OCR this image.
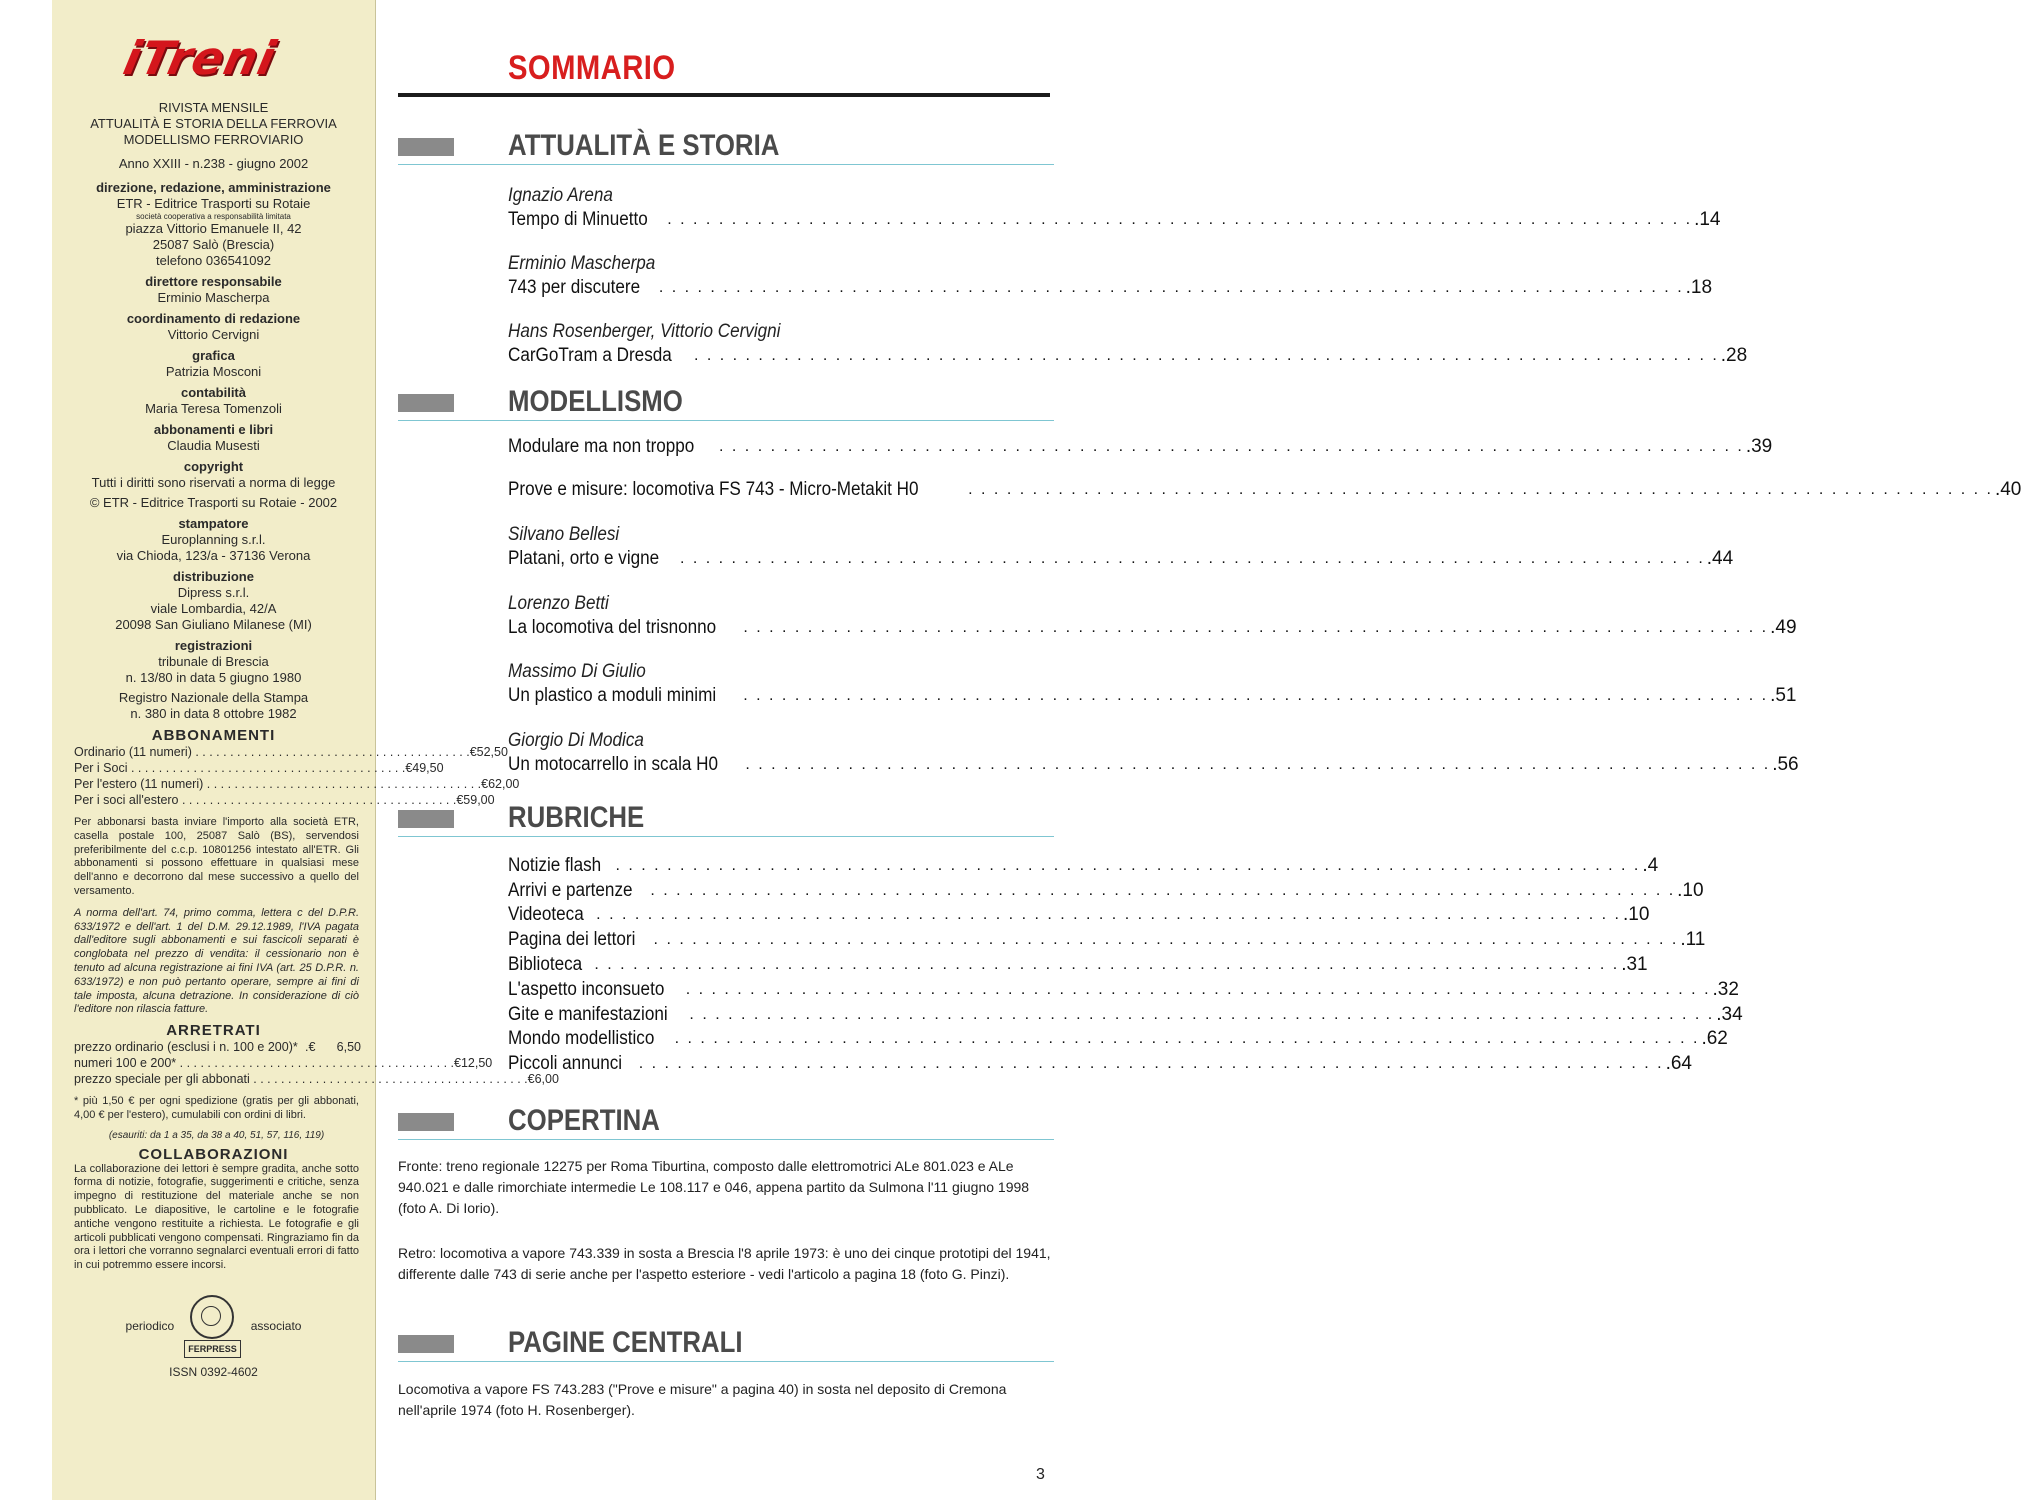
iTreni
RIVISTA MENSILE
ATTUALITÀ E STORIA DELLA FERROVIA
MODELLISMO FERROVIARIO
Anno XXIII - n.238 - giugno 2002
direzione, redazione, amministrazione
ETR - Editrice Trasporti su Rotaie
società cooperativa a responsabilità limitata
piazza Vittorio Emanuele II, 42
25087 Salò (Brescia)
telefono 036541092
direttore responsabile
Erminio Mascherpa
coordinamento di redazione
Vittorio Cervigni
grafica
Patrizia Mosconi
contabilità
Maria Teresa Tomenzoli
abbonamenti e libri
Claudia Musesti
copyright
Tutti i diritti sono riservati a norma di legge
© ETR - Editrice Trasporti su Rotaie - 2002
stampatore
Europlanning s.r.l.
via Chioda, 123/a - 37136 Verona
distribuzione
Dipress s.r.l.
viale Lombardia, 42/A
20098 San Giuliano Milanese (MI)
registrazioni
tribunale di Brescia
n. 13/80 in data 5 giugno 1980
Registro Nazionale della Stampa
n. 380 in data 8 ottobre 1982
ABBONAMENTI
Ordinario (11 numeri) . . . . . . . . . . . . . . . . . . . . . . . . . . . . . . . . . . . . . . . . € 52,50
Per i Soci . . . . . . . . . . . . . . . . . . . . . . . . . . . . . . . . . . . . . . . . € 49,50
Per l'estero (11 numeri) . . . . . . . . . . . . . . . . . . . . . . . . . . . . . . . . . . . . . . . . € 62,00
Per i soci all'estero . . . . . . . . . . . . . . . . . . . . . . . . . . . . . . . . . . . . . . . . € 59,00
Per abbonarsi basta inviare l'importo alla società ETR, casella postale 100, 25087 Salò (BS), servendosi preferibilmente del c.c.p. 10801256 intestato all'ETR. Gli abbonamenti si possono effettuare in qualsiasi mese dell'anno e decorrono dal mese successivo a quello del versamento.
A norma dell'art. 74, primo comma, lettera c del D.P.R. 633/1972 e dell'art. 1 del D.M. 29.12.1989, l'IVA pagata dall'editore sugli abbonamenti e sui fascicoli separati è conglobata nel prezzo di vendita: il cessionario non è tenuto ad alcuna registrazione ai fini IVA (art. 25 D.P.R. n. 633/1972) e non può pertanto operare, sempre ai fini di tale imposta, alcuna detrazione. In considerazione di ciò l'editore non rilascia fatture.
ARRETRATI
prezzo ordinario (esclusi i n. 100 e 200)* .€	6,50
numeri 100 e 200* . . . . . . . . . . . . . . . . . . . . . . . . . . . . . . . . . . . . . . . . € 12,50
prezzo speciale per gli abbonati . . . . . . . . . . . . . . . . . . . . . . . . . . . . . . . . . . . . . . . . € 6,00
* più 1,50 € per ogni spedizione (gratis per gli abbonati, 4,00 € per l'estero), cumulabili con ordini di libri.
(esauriti: da 1 a 35, da 38 a 40, 51, 57, 116, 119)
COLLABORAZIONI
La collaborazione dei lettori è sempre gradita, anche sotto forma di notizie, fotografie, suggerimenti e critiche, senza impegno di restituzione del materiale anche se non pubblicato. Le diapositive, le cartoline e le fotografie antiche vengono restituite a richiesta. Le fotografie e gli articoli pubblicati vengono compensati. Ringraziamo fin da ora i lettori che vorranno segnalarci eventuali errori di fatto in cui potremmo essere incorsi.
periodico
FERPRESS
associato
ISSN 0392-4602
SOMMARIO
ATTUALITÀ E STORIA
Ignazio Arena
Tempo di Minuetto . . . . . . . . . . . . . . . . . . . . . . . . . . . . . . . . . . . . . . . . . . . . . . . . . . . . . . . . . . . . . . . . . . . . . . . . . . . . . . . . .14
Erminio Mascherpa
743 per discutere . . . . . . . . . . . . . . . . . . . . . . . . . . . . . . . . . . . . . . . . . . . . . . . . . . . . . . . . . . . . . . . . . . . . . . . . . . . . . . . . .18
Hans Rosenberger, Vittorio Cervigni
CarGoTram a Dresda . . . . . . . . . . . . . . . . . . . . . . . . . . . . . . . . . . . . . . . . . . . . . . . . . . . . . . . . . . . . . . . . . . . . . . . . . . . . . . . . .28
MODELLISMO
Modulare ma non troppo . . . . . . . . . . . . . . . . . . . . . . . . . . . . . . . . . . . . . . . . . . . . . . . . . . . . . . . . . . . . . . . . . . . . . . . . . . . . . . . . .39
Prove e misure: locomotiva FS 743 - Micro-Metakit H0	. . . . . . . . . . . . . . . . . . . . . . . . . . . . . . . . . . . . . . . . . . . . . . . . . . . . . . . . . . . . . . . . . . . . . . . . . . . . . . . . .40
Silvano Bellesi
Platani, orto e vigne . . . . . . . . . . . . . . . . . . . . . . . . . . . . . . . . . . . . . . . . . . . . . . . . . . . . . . . . . . . . . . . . . . . . . . . . . . . . . . . . .44
Lorenzo Betti
La locomotiva del trisnonno . . . . . . . . . . . . . . . . . . . . . . . . . . . . . . . . . . . . . . . . . . . . . . . . . . . . . . . . . . . . . . . . . . . . . . . . . . . . . . . . .49
Massimo Di Giulio
Un plastico a moduli minimi . . . . . . . . . . . . . . . . . . . . . . . . . . . . . . . . . . . . . . . . . . . . . . . . . . . . . . . . . . . . . . . . . . . . . . . . . . . . . . . . .51
Giorgio Di Modica
Un motocarrello in scala H0 . . . . . . . . . . . . . . . . . . . . . . . . . . . . . . . . . . . . . . . . . . . . . . . . . . . . . . . . . . . . . . . . . . . . . . . . . . . . . . . . .56
RUBRICHE
Notizie flash . . . . . . . . . . . . . . . . . . . . . . . . . . . . . . . . . . . . . . . . . . . . . . . . . . . . . . . . . . . . . . . . . . . . . . . . . . . . . . . . .4
Arrivi e partenze . . . . . . . . . . . . . . . . . . . . . . . . . . . . . . . . . . . . . . . . . . . . . . . . . . . . . . . . . . . . . . . . . . . . . . . . . . . . . . . . .10
Videoteca . . . . . . . . . . . . . . . . . . . . . . . . . . . . . . . . . . . . . . . . . . . . . . . . . . . . . . . . . . . . . . . . . . . . . . . . . . . . . . . . .10
Pagina dei lettori . . . . . . . . . . . . . . . . . . . . . . . . . . . . . . . . . . . . . . . . . . . . . . . . . . . . . . . . . . . . . . . . . . . . . . . . . . . . . . . . .11
Biblioteca . . . . . . . . . . . . . . . . . . . . . . . . . . . . . . . . . . . . . . . . . . . . . . . . . . . . . . . . . . . . . . . . . . . . . . . . . . . . . . . . .31
L'aspetto inconsueto . . . . . . . . . . . . . . . . . . . . . . . . . . . . . . . . . . . . . . . . . . . . . . . . . . . . . . . . . . . . . . . . . . . . . . . . . . . . . . . . .32
Gite e manifestazioni . . . . . . . . . . . . . . . . . . . . . . . . . . . . . . . . . . . . . . . . . . . . . . . . . . . . . . . . . . . . . . . . . . . . . . . . . . . . . . . . .34
Mondo modellistico . . . . . . . . . . . . . . . . . . . . . . . . . . . . . . . . . . . . . . . . . . . . . . . . . . . . . . . . . . . . . . . . . . . . . . . . . . . . . . . . .62
Piccoli annunci . . . . . . . . . . . . . . . . . . . . . . . . . . . . . . . . . . . . . . . . . . . . . . . . . . . . . . . . . . . . . . . . . . . . . . . . . . . . . . . . .64
COPERTINA
Fronte: treno regionale 12275 per Roma Tiburtina, composto dalle elettromotrici ALe 801.023 e ALe 940.021 e dalle rimorchiate intermedie Le 108.117 e 046, appena partito da Sulmona l'11 giugno 1998 (foto A. Di Iorio).
Retro: locomotiva a vapore 743.339 in sosta a Brescia l'8 aprile 1973: è uno dei cinque prototipi del 1941, differente dalle 743 di serie anche per l'aspetto esteriore - vedi l'articolo a pagina 18 (foto G. Pinzi).
PAGINE CENTRALI
Locomotiva a vapore FS 743.283 ("Prove e misure" a pagina 40) in sosta nel deposito di Cremona nell'aprile 1974 (foto H. Rosenberger).
3
